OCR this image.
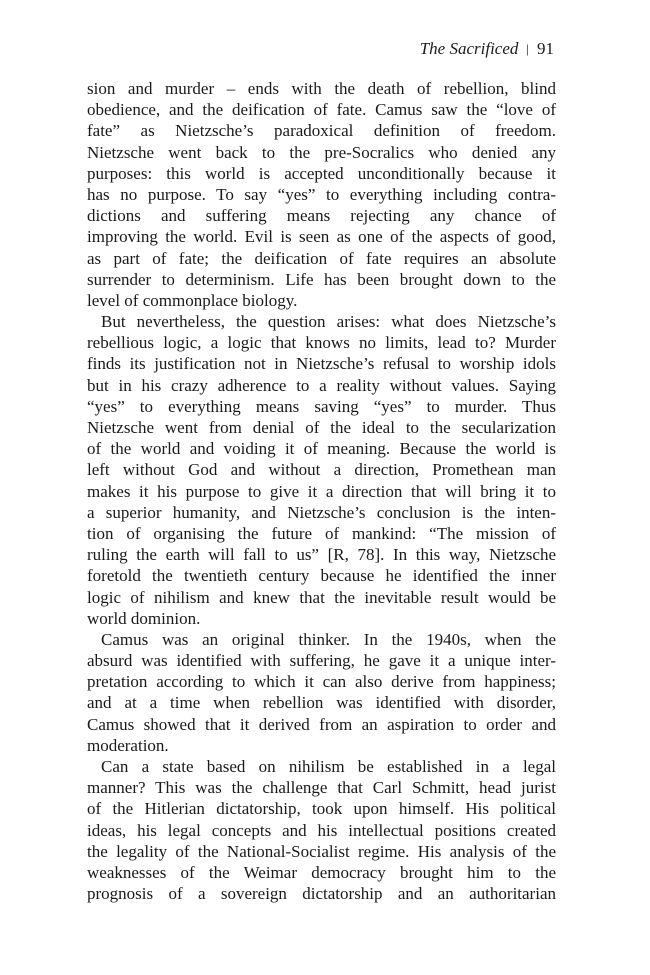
The Sacrificed | 91
sion and murder – ends with the death of rebellion, blind
obedience, and the deification of fate. Camus saw the “love of
fate” as Nietzsche’s paradoxical definition of freedom.
Nietzsche went back to the pre-Socralics who denied any
purposes: this world is accepted unconditionally because it
has no purpose. To say “yes” to everything including contra-
dictions and suffering means rejecting any chance of
improving the world. Evil is seen as one of the aspects of good,
as part of fate; the deification of fate requires an absolute
surrender to determinism. Life has been brought down to the
level of commonplace biology.
But nevertheless, the question arises: what does Nietzsche’s
rebellious logic, a logic that knows no limits, lead to? Murder
finds its justification not in Nietzsche’s refusal to worship idols
but in his crazy adherence to a reality without values. Saying
“yes” to everything means saving “yes” to murder. Thus
Nietzsche went from denial of the ideal to the secularization
of the world and voiding it of meaning. Because the world is
left without God and without a direction, Promethean man
makes it his purpose to give it a direction that will bring it to
a superior humanity, and Nietzsche’s conclusion is the inten-
tion of organising the future of mankind: “The mission of
ruling the earth will fall to us” [R, 78]. In this way, Nietzsche
foretold the twentieth century because he identified the inner
logic of nihilism and knew that the inevitable result would be
world dominion.
Camus was an original thinker. In the 1940s, when the
absurd was identified with suffering, he gave it a unique inter-
pretation according to which it can also derive from happiness;
and at a time when rebellion was identified with disorder,
Camus showed that it derived from an aspiration to order and
moderation.
Can a state based on nihilism be established in a legal
manner? This was the challenge that Carl Schmitt, head jurist
of the Hitlerian dictatorship, took upon himself. His political
ideas, his legal concepts and his intellectual positions created
the legality of the National-Socialist regime. His analysis of the
weaknesses of the Weimar democracy brought him to the
prognosis of a sovereign dictatorship and an authoritarian
